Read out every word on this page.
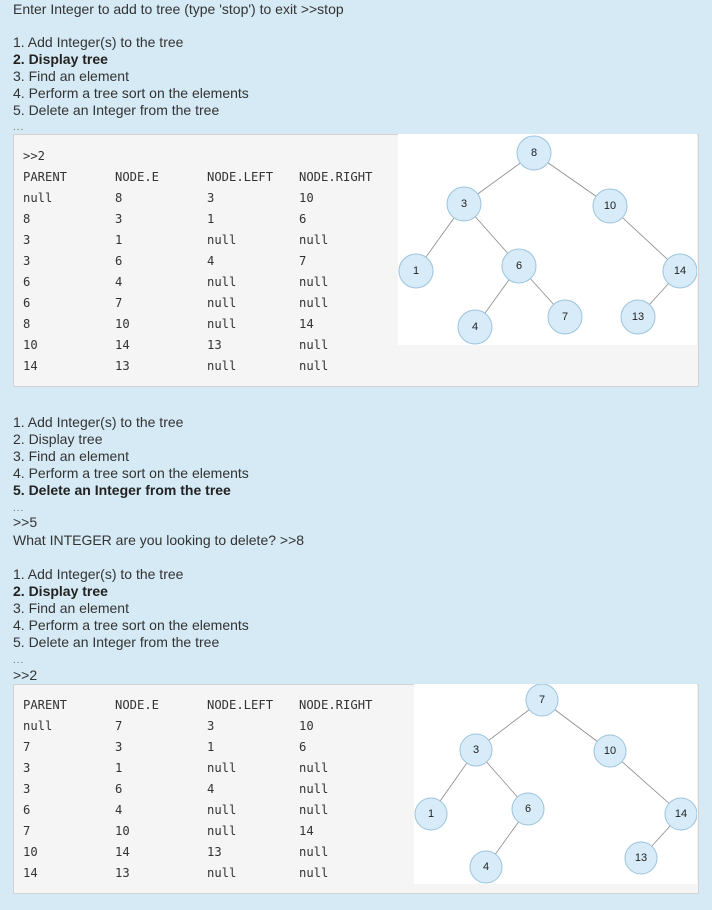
Enter Integer to add to tree (type 'stop') to exit >>stop
1. Add Integer(s) to the tree
2. Display tree
3. Find an element
4. Perform a tree sort on the elements
5. Delete an Integer from the tree
...
>>2
PARENT	NODE.E	NODE.LEFT NODE.RIGHT
null	8	3	10
8	3	1	6
3	1	null	null
3	6	4	7
6	4	null	null
6	7	null	null
8	10	null	14
10	14	13	null
14	13	null	null
8
3	10
1	6	14
4
7	13
1. Add Integer(s) to the tree
2. Display tree
3. Find an element
4. Perform a tree sort on the elements
5. Delete an Integer from the tree
...
>>5
What INTEGER are you looking to delete? >>8
1. Add Integer(s) to the tree
2. Display tree
3. Find an element
4. Perform a tree sort on the elements
5. Delete an Integer from the tree
...
>>2
PARENT	NODE.E	NODE.LEFT NODE.RIGHT
null	7	3	10
7	3	1	6
3	1	null	null
3	6	4	null
6	4	null	null
7	10	null	14
10	14	13	null
14	13	null	null
7
3	10
1	6	14
4
13
